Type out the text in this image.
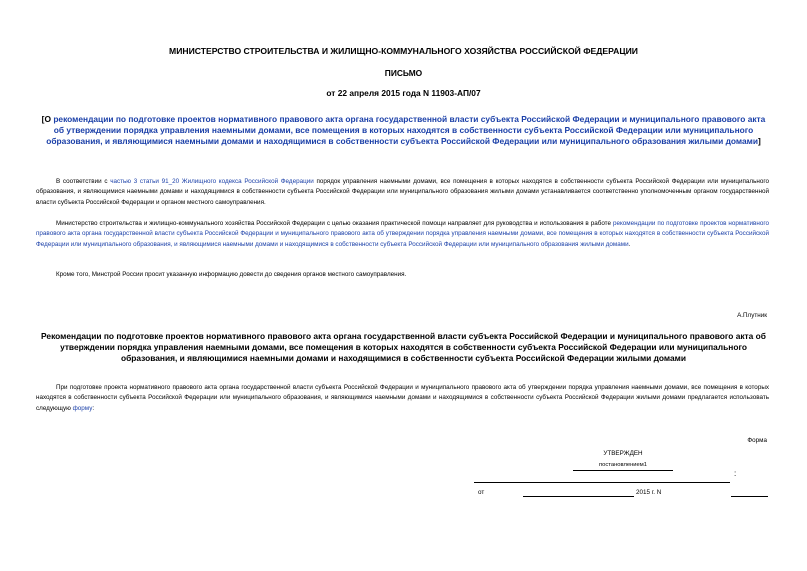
МИНИСТЕРСТВО СТРОИТЕЛЬСТВА И ЖИЛИЩНО-КОММУНАЛЬНОГО ХОЗЯЙСТВА РОССИЙСКОЙ ФЕДЕРАЦИИ
ПИСЬМО
от 22 апреля 2015 года N 11903-АП/07
[О рекомендации по подготовке проектов нормативного правового акта органа государственной власти субъекта Российской Федерации и муниципального правового акта об утверждении порядка управления наемными домами, все помещения в которых находятся в собственности субъекта Российской Федерации или муниципального образования, и являющимися наемными домами и находящимися в собственности субъекта Российской Федерации или муниципального образования жилыми домами]
В соответствии с частью 3 статьи 91_20 Жилищного кодекса Российской Федерации порядок управления наемными домами, все помещения в которых находятся в собственности субъекта Российской Федерации или муниципального образования, и являющимися наемными домами и находящимися в собственности субъекта Российской Федерации или муниципального образования жилыми домами устанавливается соответственно уполномоченным органом государственной власти субъекта Российской Федерации и органом местного самоуправления.
Министерство строительства и жилищно-коммунального хозяйства Российской Федерации с целью оказания практической помощи направляет для руководства и использования в работе рекомендации по подготовке проектов нормативного правового акта органа государственной власти субъекта Российской Федерации и муниципального правового акта об утверждении порядка управления наемными домами, все помещения в которых находятся в собственности субъекта Российской Федерации или муниципального образования, и являющимися наемными домами и находящимися в собственности субъекта Российской Федерации или муниципального образования жилыми домами.
Кроме того, Минстрой России просит указанную информацию довести до сведения органов местного самоуправления.
А.Плутник
Рекомендации по подготовке проектов нормативного правового акта органа государственной власти субъекта Российской Федерации и муниципального правового акта об утверждении порядка управления наемными домами, все помещения в которых находятся в собственности субъекта Российской Федерации или муниципального образования, и являющимися наемными домами и находящимися в собственности субъекта Российской Федерации жилыми домами
При подготовке проекта нормативного правового акта органа государственной власти субъекта Российской Федерации и муниципального правового акта об утверждении порядка управления наемными домами, все помещения в которых находятся в собственности субъекта Российской Федерации или муниципального образования, и являющимися наемными домами и находящимися в собственности субъекта Российской Федерации жилыми домами предлагается использовать следующую форму:
Форма
УТВЕРЖДЕН
постановлением1
:
от	2015 г. N
